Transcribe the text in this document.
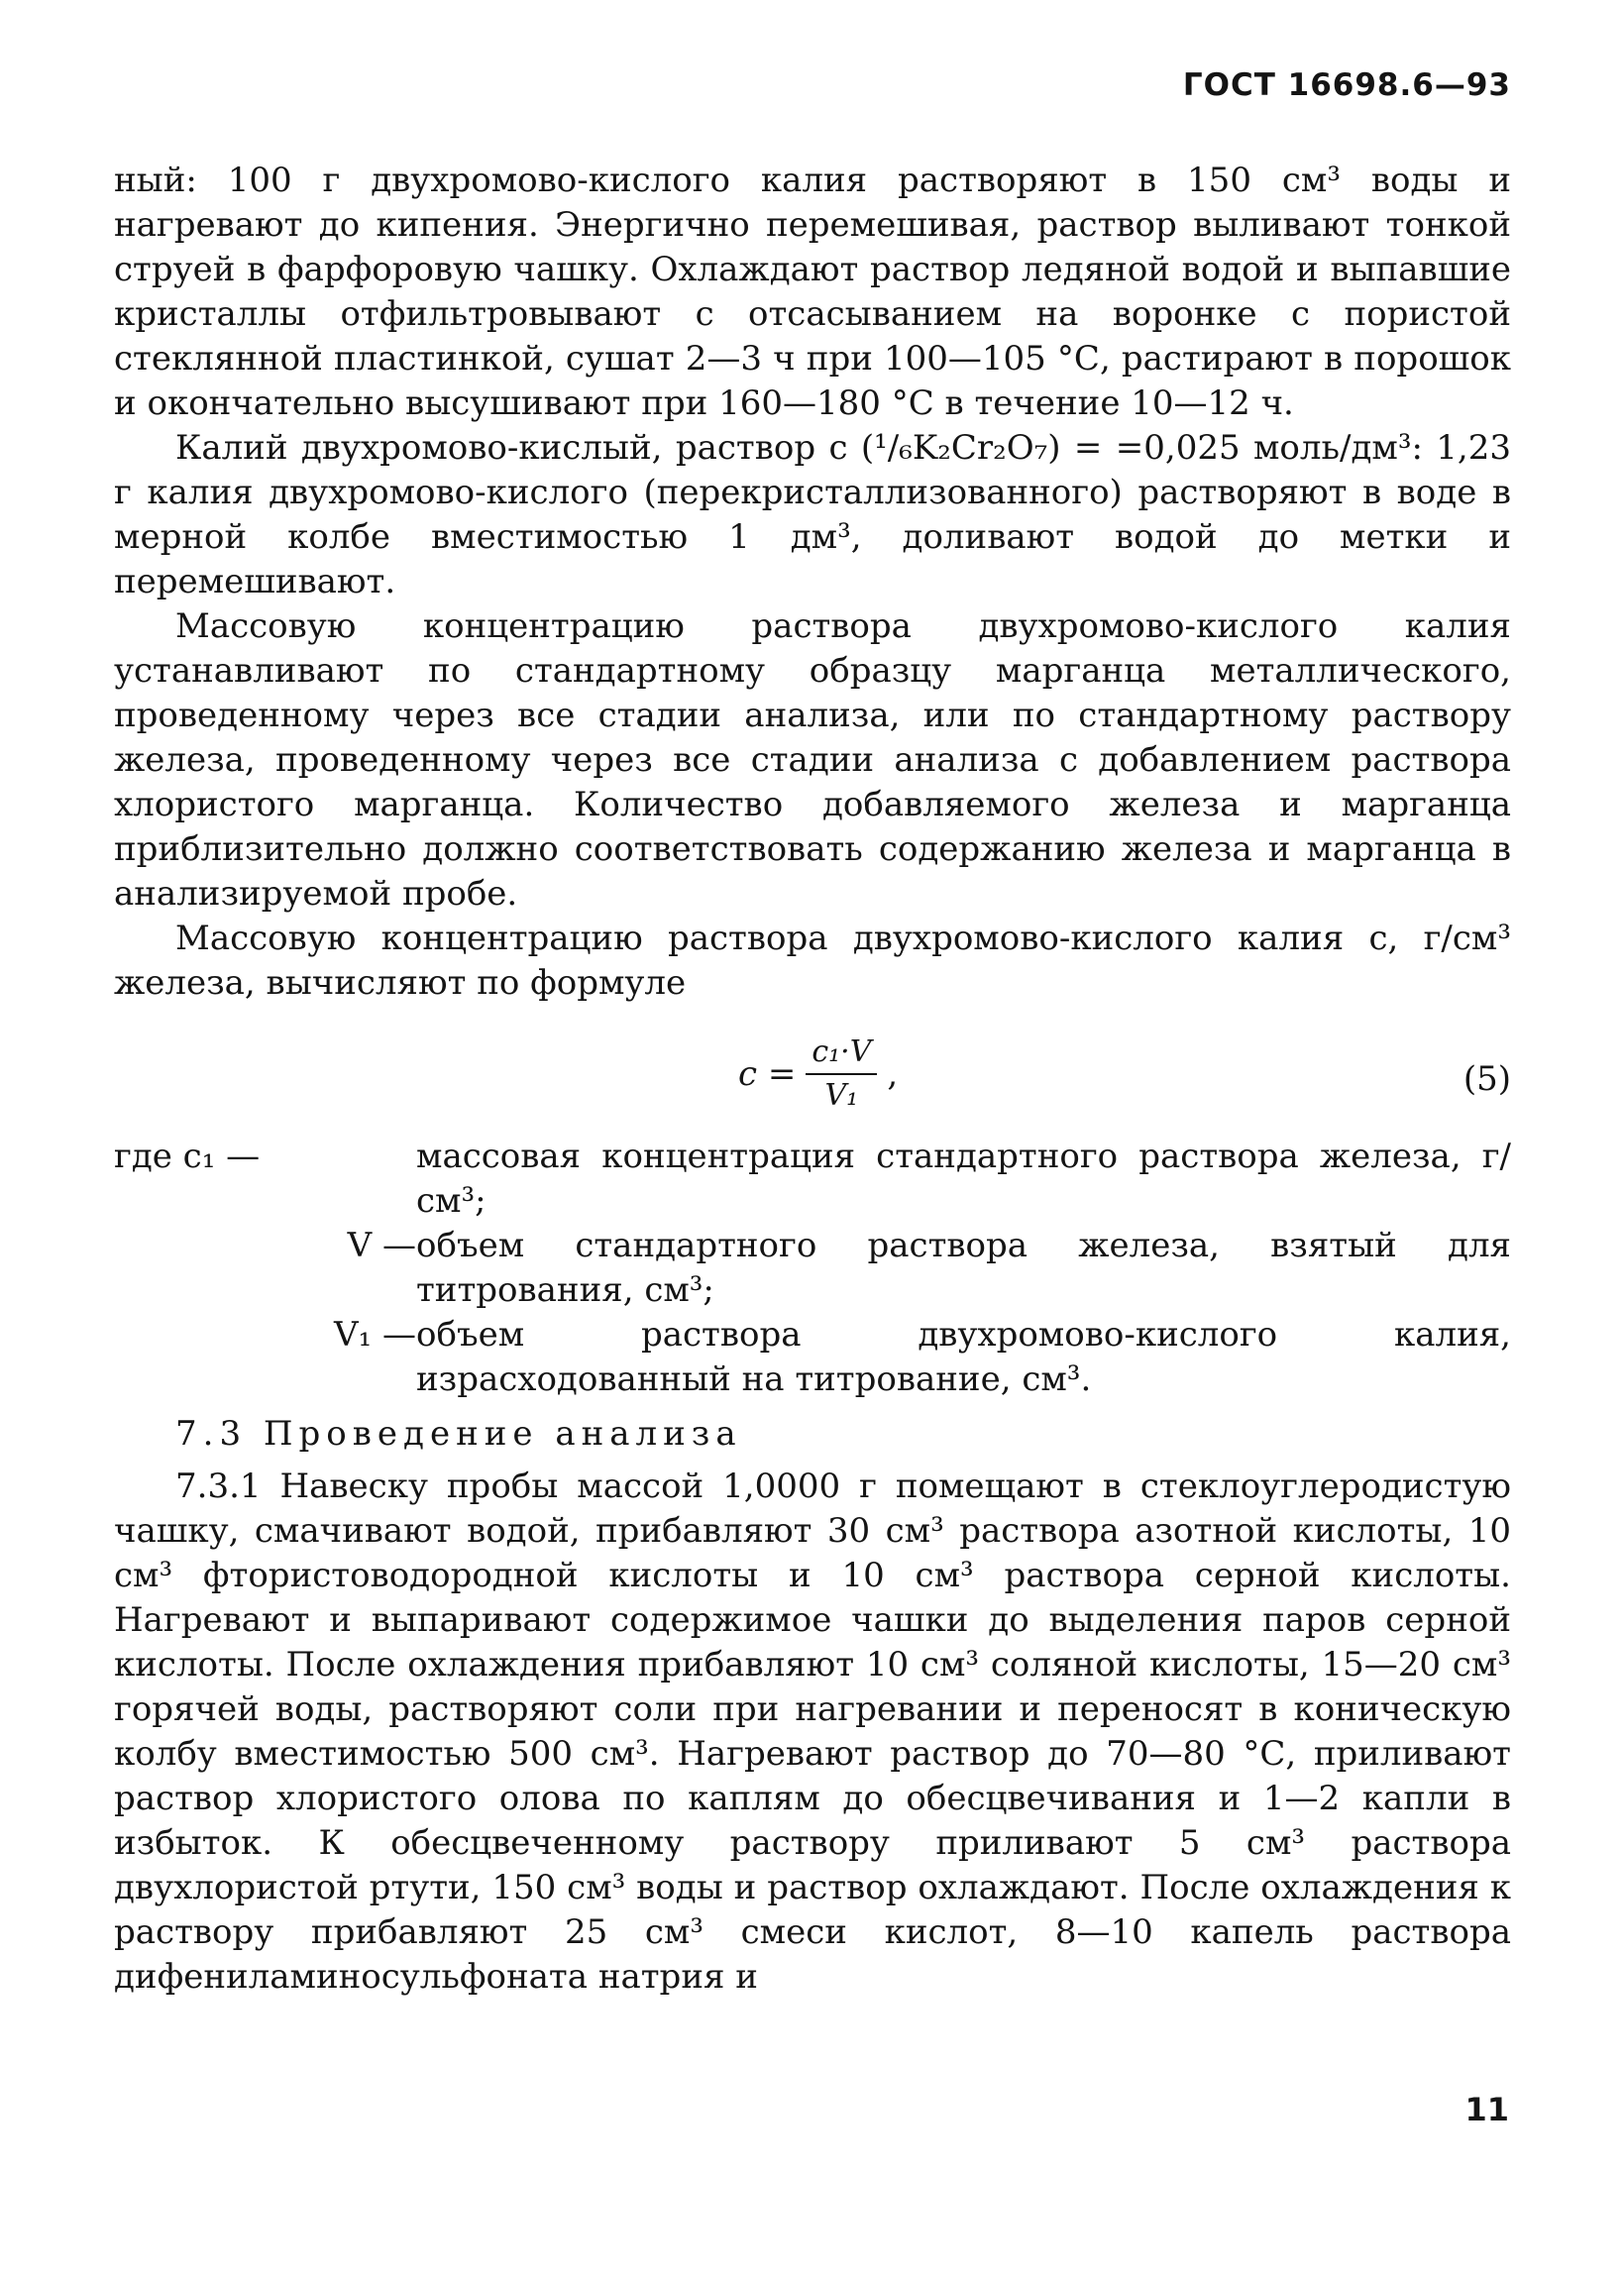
ГОСТ 16698.6—93

ный: 100 г двухромово-кислого калия растворяют в 150 см³ воды и нагревают до кипения. Энергично перемешивая, раствор выливают тонкой струей в фарфоровую чашку. Охлаждают раствор ледяной водой и выпавшие кристаллы отфильтровывают с отсасыванием на воронке с пористой стеклянной пластинкой, сушат 2—3 ч при 100—105 °С, растирают в порошок и окончательно высушивают при 160—180 °С в течение 10—12 ч.

Калий двухромово-кислый, раствор с (¹/₆K₂Cr₂O₇) = =0,025 моль/дм³: 1,23 г калия двухромово-кислого (перекристаллизованного) растворяют в воде в мерной колбе вместимостью 1 дм³, доливают водой до метки и перемешивают.

Массовую концентрацию раствора двухромово-кислого калия устанавливают по стандартному образцу марганца металлического, проведенному через все стадии анализа, или по стандартному раствору железа, проведенному через все стадии анализа с добавлением раствора хлористого марганца. Количество добавляемого железа и марганца приблизительно должно соответствовать содержанию железа и марганца в анализируемой пробе.

Массовую концентрацию раствора двухромово-кислого калия с, г/см³ железа, вычисляют по формуле

$с = \frac{\text{c₁·V}}{\text{V₁}}$ ,	(5)
где c₁ —	массовая концентрация стандартного раствора железа, г/см³;
V — объем стандартного раствора железа, взятый для титрования, см³;
V₁ — объем раствора двухромово-кислого калия, израсходованный на титрование, см³.
7.3 Проведение анализа

7.3.1 Навеску пробы массой 1,0000 г помещают в стеклоуглеродистую чашку, смачивают водой, прибавляют 30 см³ раствора азотной кислоты, 10 см³ фтористоводородной кислоты и 10 см³ раствора серной кислоты. Нагревают и выпаривают содержимое чашки до выделения паров серной кислоты. После охлаждения прибавляют 10 см³ соляной кислоты, 15—20 см³ горячей воды, растворяют соли при нагревании и переносят в коническую колбу вместимостью 500 см³. Нагревают раствор до 70—80 °С, приливают раствор хлористого олова по каплям до обесцвечивания и 1—2 капли в избыток. К обесцвеченному раствору приливают 5 см³ раствора двухлористой ртути, 150 см³ воды и раствор охлаждают. После охлаждения к раствору прибавляют 25 см³ смеси кислот, 8—10 капель раствора дифениламиносульфоната натрия и

11
